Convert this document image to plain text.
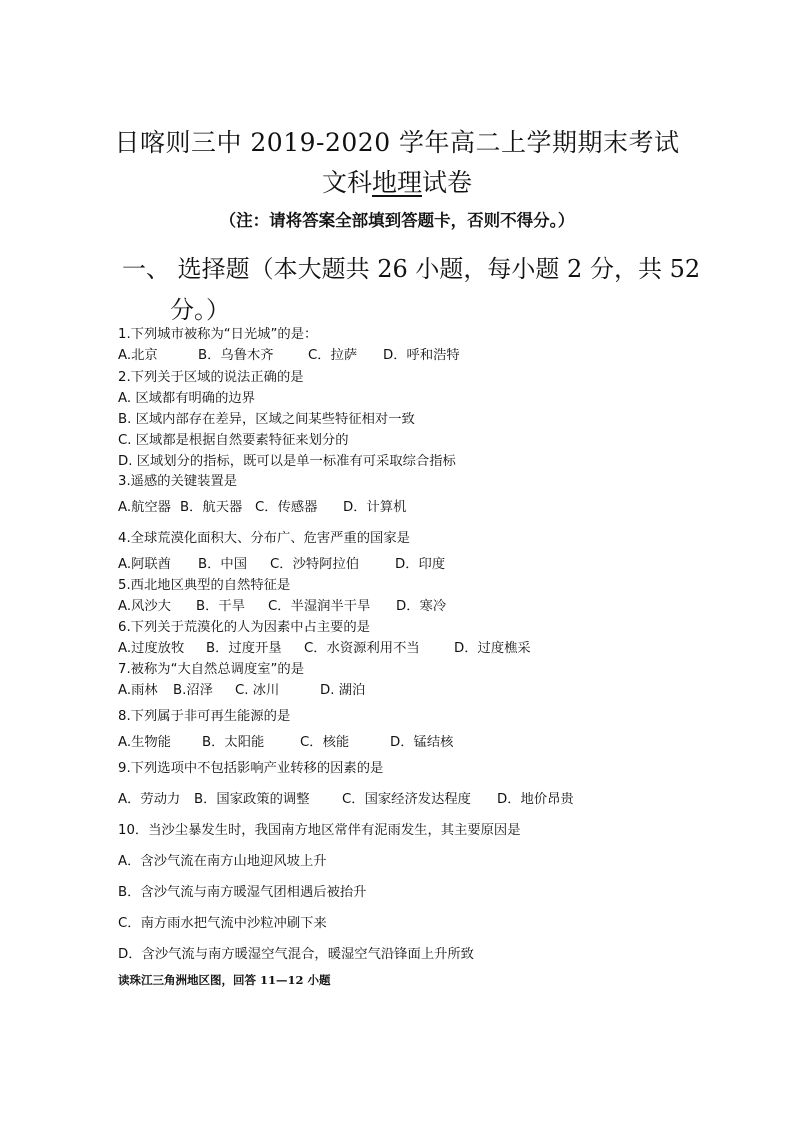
日喀则三中 2019-2020 学年高二上学期期末考试
文科地理试卷
（注：请将答案全部填到答题卡，否则不得分。）
一、 选择题（本大题共 26 小题，每小题 2 分，共 52
分。）
1.下列城市被称为“日光城”的是：
A.北京	B．乌鲁木齐	C．拉萨 D．呼和浩特
2.下列关于区域的说法正确的是
A. 区域都有明确的边界
B. 区域内部存在差异，区域之间某些特征相对一致
C. 区域都是根据自然要素特征来划分的
D. 区域划分的指标，既可以是单一标准有可采取综合指标
3.遥感的关键装置是
A.航空器 B．航天器 C．传感器 D．计算机
4.全球荒漠化面积大、分布广、危害严重的国家是
A.阿联酋 B．中国 C．沙特阿拉伯	D．印度
5.西北地区典型的自然特征是
A.风沙大 B．干旱 C．半湿润半干旱 D．寒冷
6.下列关于荒漠化的人为因素中占主要的是
A.过度放牧 B．过度开垦 C．水资源利用不当	D．过度樵采
7.被称为“大自然总调度室”的是
A.雨林 B.沼泽 C. 冰川	D. 湖泊
8.下列属于非可再生能源的是
A.生物能 B．太阳能	C．核能	D．锰结核
9.下列选项中不包括影响产业转移的因素的是
A．劳动力 B．国家政策的调整 C．国家经济发达程度 D．地价昂贵
10．当沙尘暴发生时，我国南方地区常伴有泥雨发生，其主要原因是
A．含沙气流在南方山地迎风坡上升
B．含沙气流与南方暖湿气团相遇后被抬升
C．南方雨水把气流中沙粒冲刷下来
D．含沙气流与南方暖湿空气混合，暖湿空气沿锋面上升所致
读珠江三角洲地区图，回答 11—12 小题
